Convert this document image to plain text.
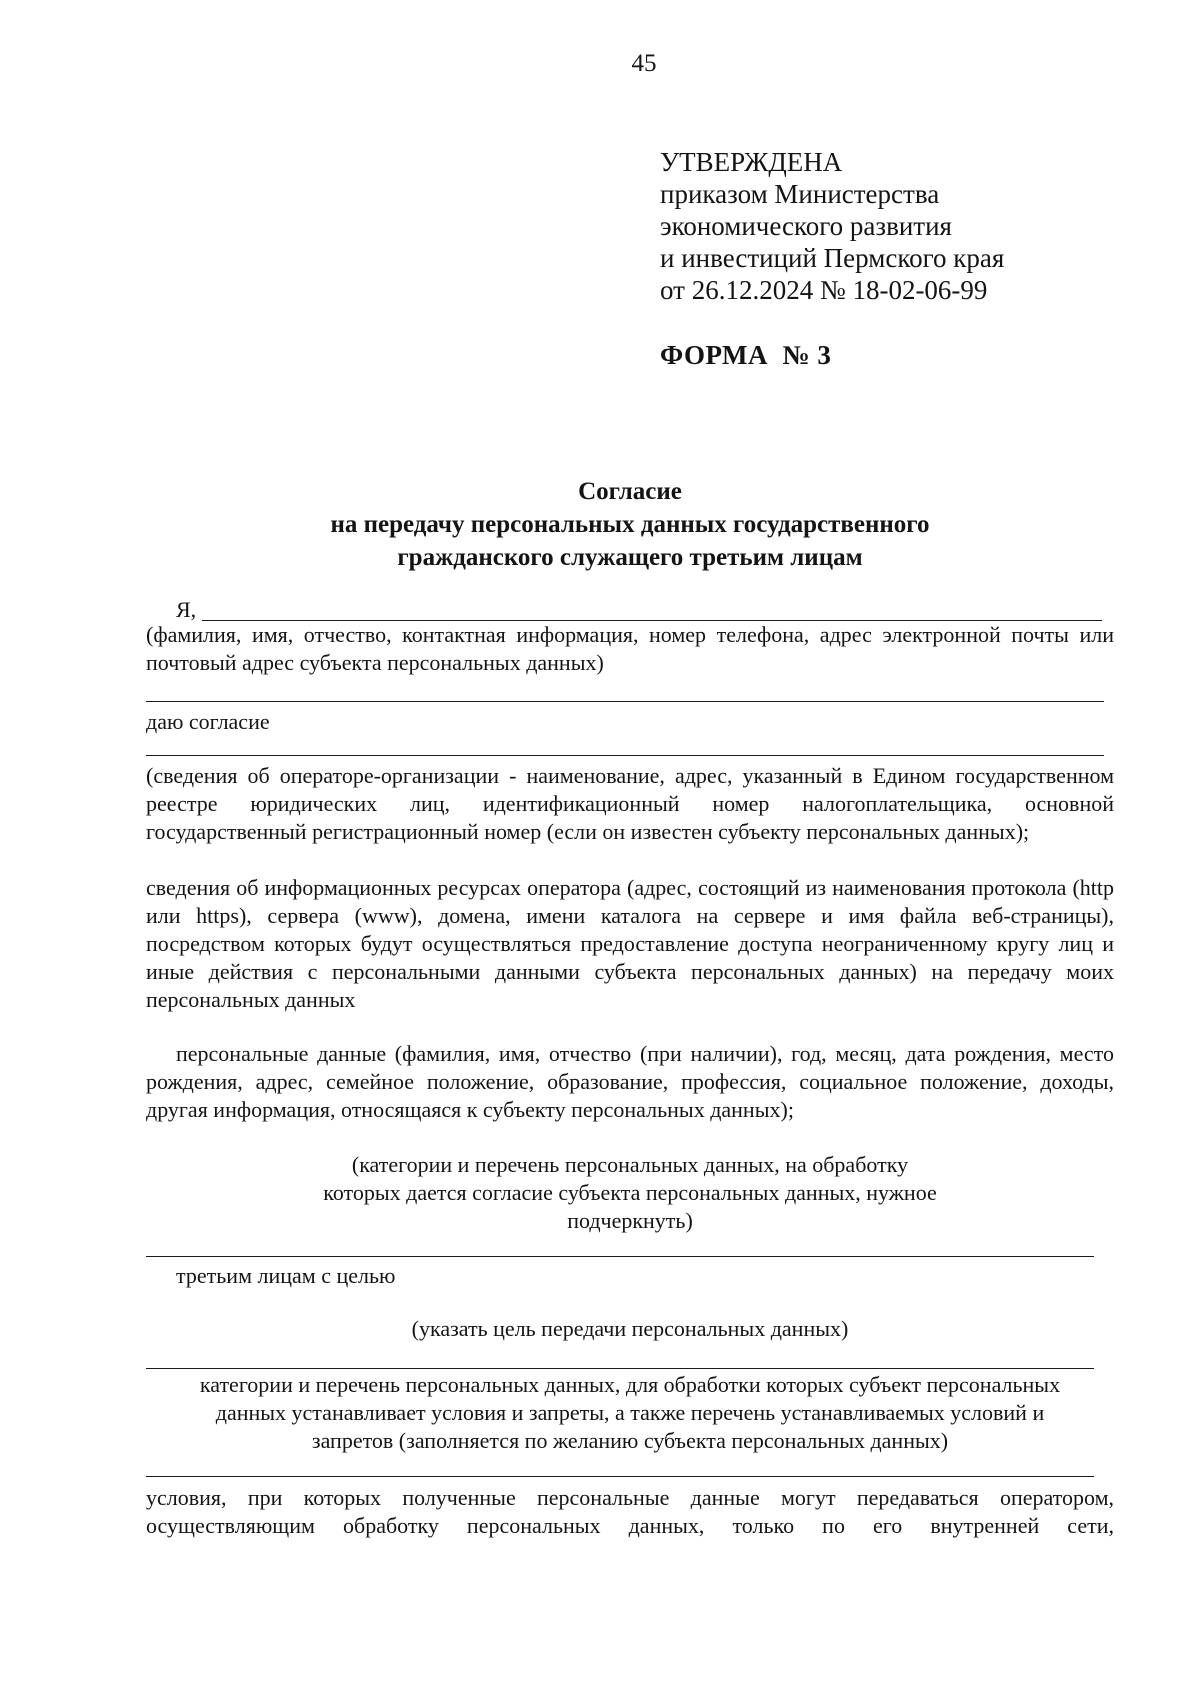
45
УТВЕРЖДЕНА
приказом Министерства
экономического развития
и инвестиций Пермского края
от 26.12.2024 № 18-02-06-99
ФОРМА  № 3
Согласие
на передачу персональных данных государственного
гражданского служащего третьим лицам
Я,
(фамилия, имя, отчество, контактная информация, номер телефона, адрес электронной почты или почтовый адрес субъекта персональных данных)
даю согласие
(сведения об операторе-организации - наименование, адрес, указанный в Едином государственном реестре юридических лиц, идентификационный номер налогоплательщика, основной государственный регистрационный номер (если он известен субъекту персональных данных);
сведения об информационных ресурсах оператора (адрес, состоящий из наименования протокола (http или https), сервера (www), домена, имени каталога на сервере и имя файла веб-страницы), посредством которых будут осуществляться предоставление доступа неограниченному кругу лиц и иные действия с персональными данными субъекта персональных данных) на передачу моих персональных данных
персональные данные (фамилия, имя, отчество (при наличии), год, месяц, дата рождения, место рождения, адрес, семейное положение, образование, профессия, социальное положение, доходы, другая информация, относящаяся к субъекту персональных данных);
(категории и перечень персональных данных, на обработку
которых дается согласие субъекта персональных данных, нужное
подчеркнуть)
третьим лицам с целью
(указать цель передачи персональных данных)
категории и перечень персональных данных, для обработки которых субъект персональных
данных устанавливает условия и запреты, а также перечень устанавливаемых условий и
запретов (заполняется по желанию субъекта персональных данных)
условия, при которых полученные персональные данные могут передаваться оператором,
осуществляющим обработку персональных данных, только по его внутренней сети,
